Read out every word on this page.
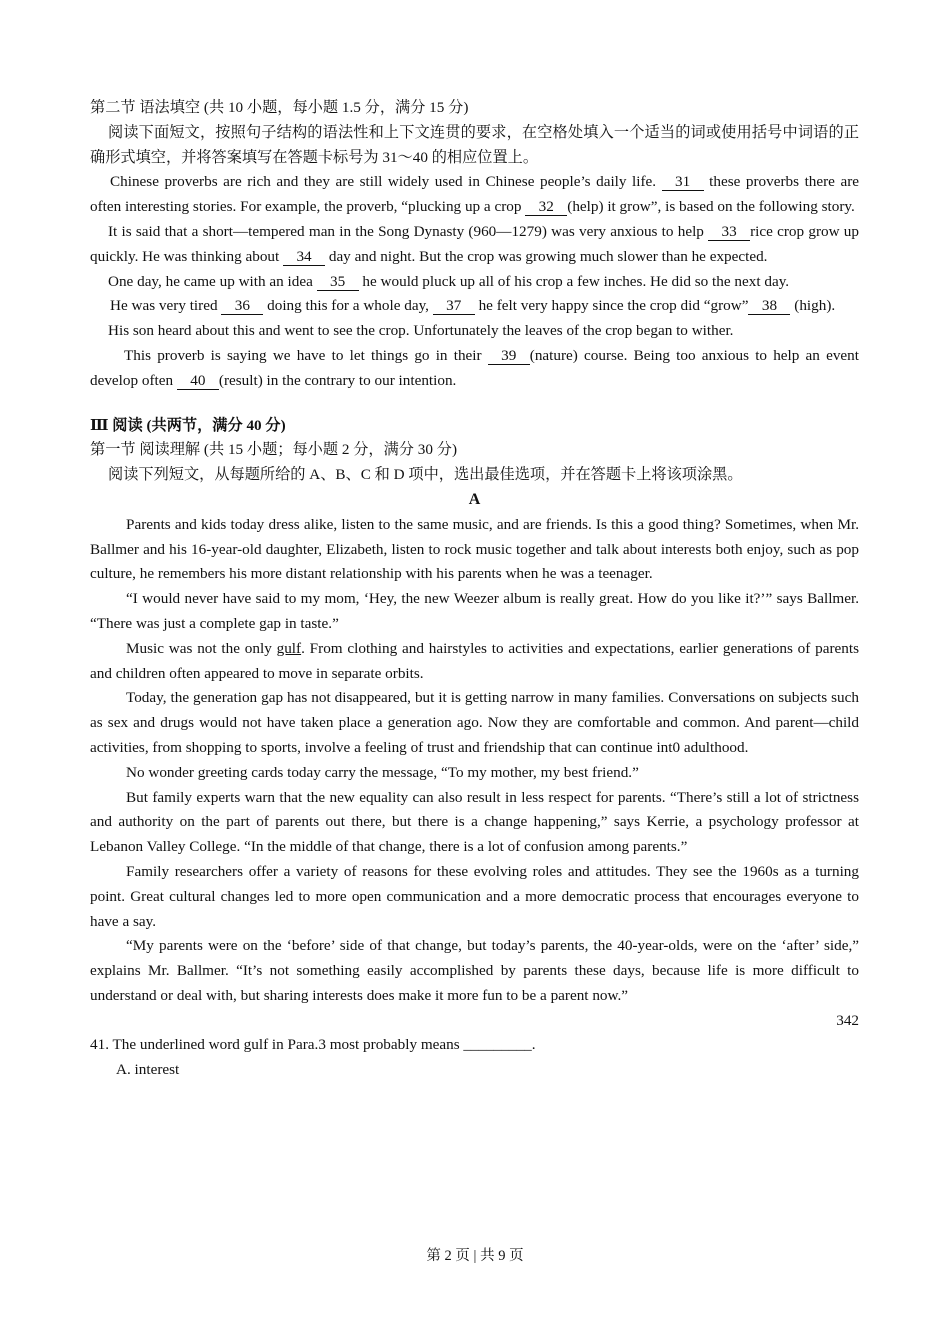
第二节 语法填空 (共 10 小题，每小题 1.5 分，满分 15 分)

阅读下面短文，按照句子结构的语法性和上下文连贯的要求，在空格处填入一个适当的词或使用括号中词语的正确形式填空，并将答案填写在答题卡标号为 31～40 的相应位置上。

Chinese proverbs are rich and they are still widely used in Chinese people’s daily life. 31 these proverbs there are often interesting stories. For example, the proverb, “plucking up a crop 32 (help) it grow”, is based on the following story.

It is said that a short—tempered man in the Song Dynasty (960—1279) was very anxious to help 33 rice crop grow up quickly. He was thinking about 34 day and night. But the crop was growing much slower than he expected.

One day, he came up with an idea 35 he would pluck up all of his crop a few inches. He did so the next day.

He was very tired 36 doing this for a whole day, 37 he felt very happy since the crop did “grow” 38 (high).

His son heard about this and went to see the crop. Unfortunately the leaves of the crop began to wither.

This proverb is saying we have to let things go in their 39 (nature) course. Being too anxious to help an event develop often 40 (result) in the contrary to our intention.

Ⅲ 阅读 (共两节，满分 40 分)

第一节 阅读理解 (共 15 小题；每小题 2 分，满分 30 分)

阅读下列短文，从每题所给的 A、B、C 和 D 项中，选出最佳选项，并在答题卡上将该项涂黑。

A

Parents and kids today dress alike, listen to the same music, and are friends. Is this a good thing? Sometimes, when Mr. Ballmer and his 16-year-old daughter, Elizabeth, listen to rock music together and talk about interests both enjoy, such as pop culture, he remembers his more distant relationship with his parents when he was a teenager.

“I would never have said to my mom, ‘Hey, the new Weezer album is really great. How do you like it?’” says Ballmer. “There was just a complete gap in taste.”

Music was not the only gulf. From clothing and hairstyles to activities and expectations, earlier generations of parents and children often appeared to move in separate orbits.

Today, the generation gap has not disappeared, but it is getting narrow in many families. Conversations on subjects such as sex and drugs would not have taken place a generation ago. Now they are comfortable and common. And parent—child activities, from shopping to sports, involve a feeling of trust and friendship that can continue int0 adulthood.

No wonder greeting cards today carry the message, “To my mother, my best friend.”

But family experts warn that the new equality can also result in less respect for parents. “There’s still a lot of strictness and authority on the part of parents out there, but there is a change happening,” says Kerrie, a psychology professor at Lebanon Valley College. “In the middle of that change, there is a lot of confusion among parents.”

Family researchers offer a variety of reasons for these evolving roles and attitudes. They see the 1960s as a turning point. Great cultural changes led to more open communication and a more democratic process that encourages everyone to have a say.

“My parents were on the ‘before’ side of that change, but today’s parents, the 40-year-olds, were on the ‘after’ side,” explains Mr. Ballmer. “It’s not something easily accomplished by parents these days, because life is more difficult to understand or deal with, but sharing interests does make it more fun to be a parent now.”

342

41. The underlined word gulf in Para.3 most probably means _________.

A. interest

第 2 页 | 共 9 页
